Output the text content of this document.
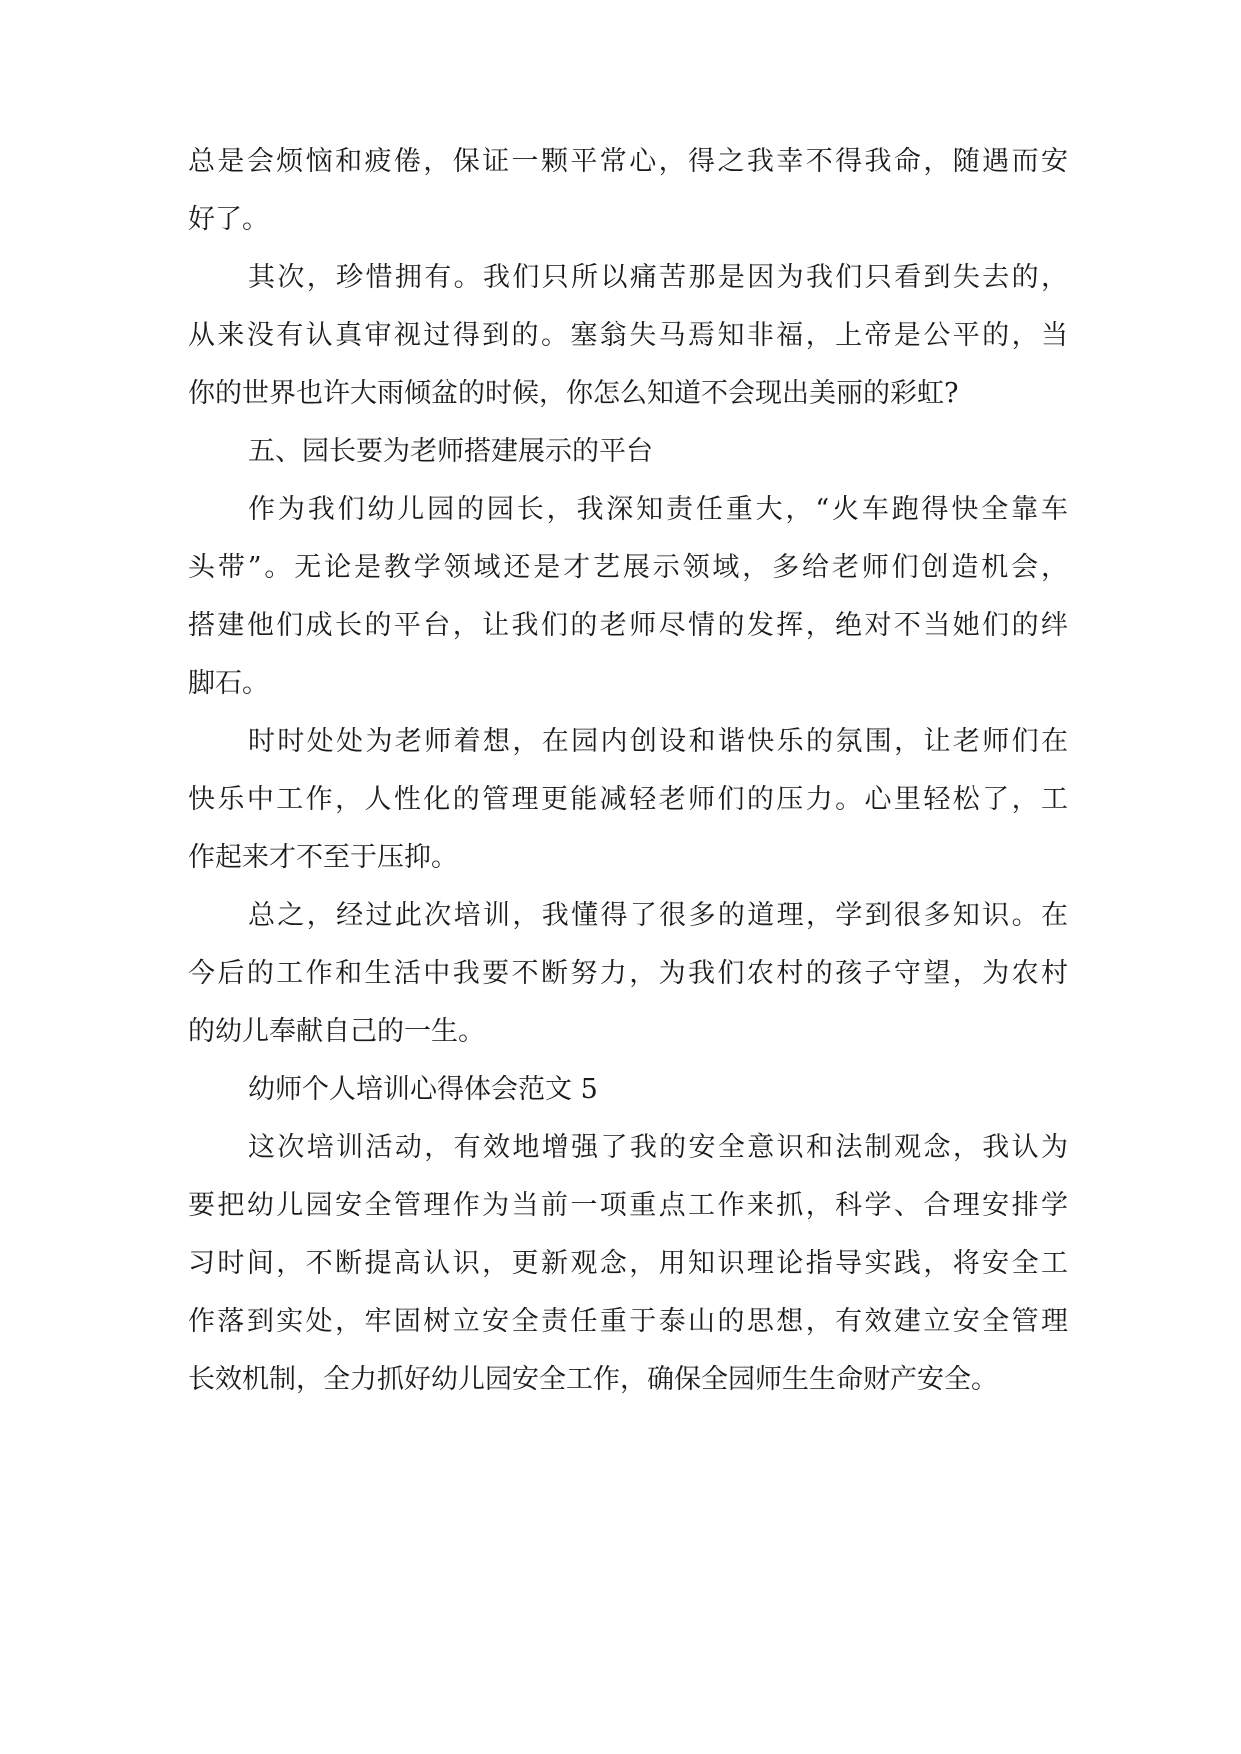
总是会烦恼和疲倦，保证一颗平常心，得之我幸不得我命，随遇而安
好了。
其次，珍惜拥有。我们只所以痛苦那是因为我们只看到失去的，
从来没有认真审视过得到的。塞翁失马焉知非福，上帝是公平的，当
你的世界也许大雨倾盆的时候，你怎么知道不会现出美丽的彩虹?
五、园长要为老师搭建展示的平台
作为我们幼儿园的园长，我深知责任重大，“火车跑得快全靠车
头带”。无论是教学领域还是才艺展示领域，多给老师们创造机会，
搭建他们成长的平台，让我们的老师尽情的发挥，绝对不当她们的绊
脚石。
时时处处为老师着想，在园内创设和谐快乐的氛围，让老师们在
快乐中工作，人性化的管理更能减轻老师们的压力。心里轻松了，工
作起来才不至于压抑。
总之，经过此次培训，我懂得了很多的道理，学到很多知识。在
今后的工作和生活中我要不断努力，为我们农村的孩子守望，为农村
的幼儿奉献自己的一生。
幼师个人培训心得体会范文 5
这次培训活动，有效地增强了我的安全意识和法制观念，我认为
要把幼儿园安全管理作为当前一项重点工作来抓，科学、合理安排学
习时间，不断提高认识，更新观念，用知识理论指导实践，将安全工
作落到实处，牢固树立安全责任重于泰山的思想，有效建立安全管理
长效机制，全力抓好幼儿园安全工作，确保全园师生生命财产安全。
